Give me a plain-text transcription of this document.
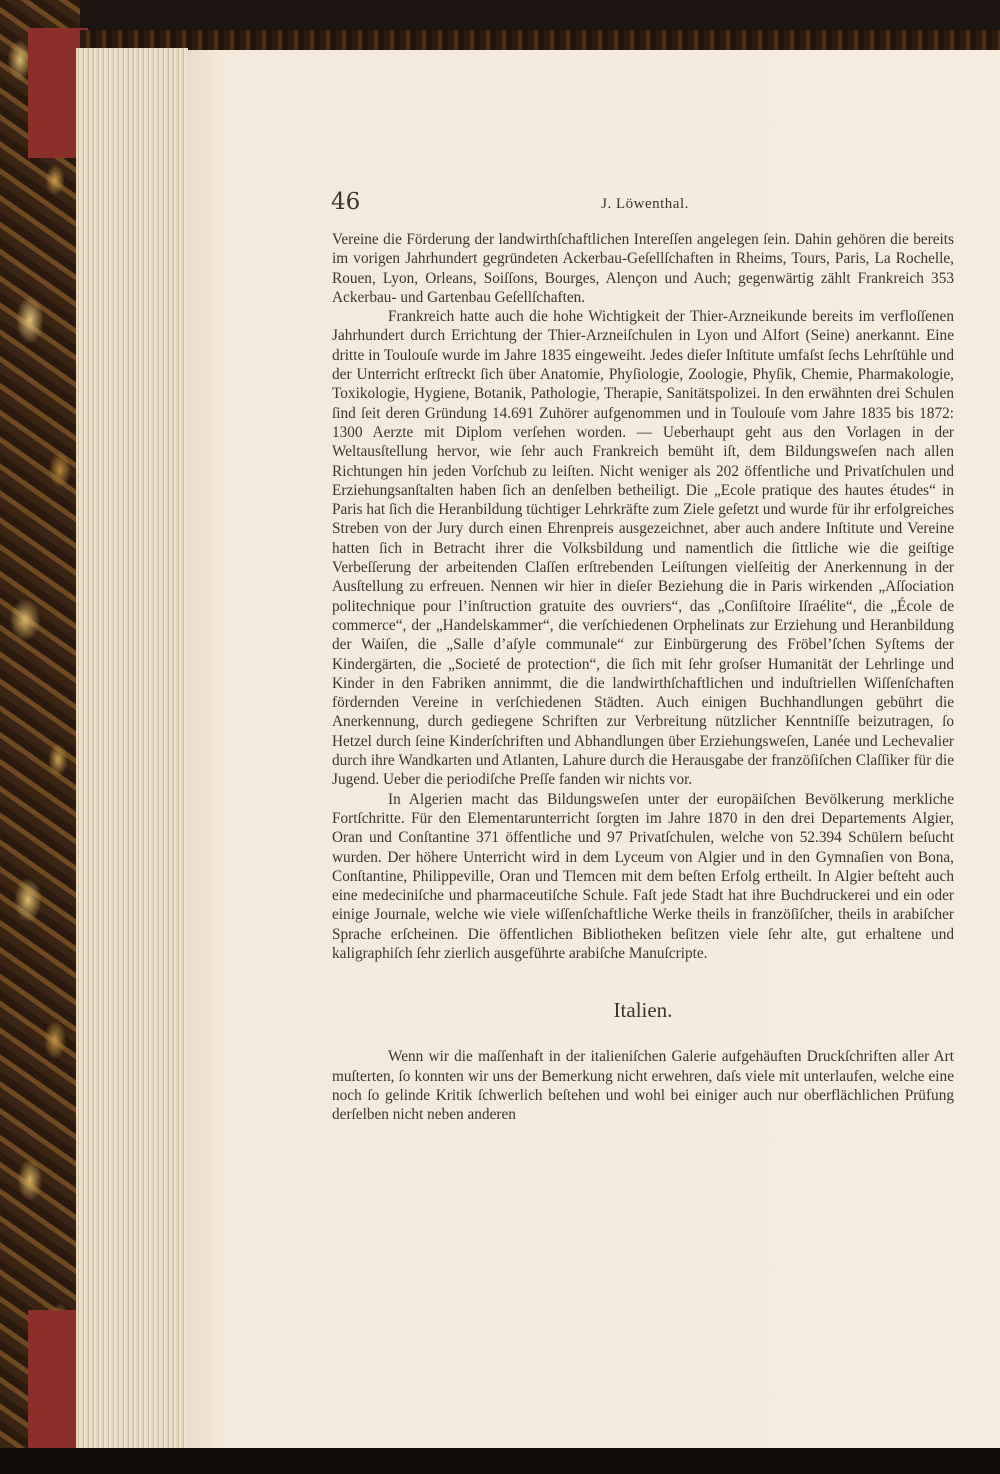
46	J. Löwenthal.

Vereine die Förderung der landwirthſchaftlichen Intereſſen angelegen ſein. Dahin gehören die bereits im vorigen Jahrhundert gegründeten Ackerbau-Geſellſchaften in Rheims, Tours, Paris, La Rochelle, Rouen, Lyon, Orleans, Soiſſons, Bourges, Alençon und Auch; gegenwärtig zählt Frankreich 353 Ackerbau- und Gartenbau Geſellſchaften.

Frankreich hatte auch die hohe Wichtigkeit der Thier-Arzneikunde bereits im verfloſſenen Jahrhundert durch Errichtung der Thier-Arzneiſchulen in Lyon und Alfort (Seine) anerkannt. Eine dritte in Toulouſe wurde im Jahre 1835 eingeweiht. Jedes dieſer Inſtitute umfaſst ſechs Lehrſtühle und der Unterricht erſtreckt ſich über Anatomie, Phyſiologie, Zoologie, Phyſik, Chemie, Pharmakologie, Toxikologie, Hygiene, Botanik, Pathologie, Therapie, Sanitätspolizei. In den erwähnten drei Schulen ſind ſeit deren Gründung 14.691 Zuhörer aufgenommen und in Toulouſe vom Jahre 1835 bis 1872: 1300 Aerzte mit Diplom verſehen worden. — Ueberhaupt geht aus den Vorlagen in der Weltausſtellung hervor, wie ſehr auch Frankreich bemüht iſt, dem Bildungsweſen nach allen Richtungen hin jeden Vorſchub zu leiſten. Nicht weniger als 202 öffentliche und Privatſchulen und Erziehungsanſtalten haben ſich an denſelben betheiligt. Die „Ecole pratique des hautes études“ in Paris hat ſich die Heranbildung tüchtiger Lehrkräfte zum Ziele geſetzt und wurde für ihr erfolgreiches Streben von der Jury durch einen Ehrenpreis ausgezeichnet, aber auch andere Inſtitute und Vereine hatten ſich in Betracht ihrer die Volksbildung und namentlich die ſittliche wie die geiſtige Verbeſſerung der arbeitenden Claſſen erſtrebenden Leiſtungen vielſeitig der Anerkennung in der Ausſtellung zu erfreuen. Nennen wir hier in dieſer Beziehung die in Paris wirkenden „Aſſociation politechnique pour l’inſtruction gratuite des ouvriers“, das „Conſiſtoire Iſraélite“, die „École de commerce“, der „Handelskammer“, die verſchiedenen Orphelinats zur Erziehung und Heranbildung der Waiſen, die „Salle d’aſyle communale“ zur Einbürgerung des Fröbel’ſchen Syſtems der Kindergärten, die „Societé de protection“, die ſich mit ſehr groſser Humanität der Lehrlinge und Kinder in den Fabriken annimmt, die die landwirthſchaftlichen und induſtriellen Wiſſenſchaften fördernden Vereine in verſchiedenen Städten. Auch einigen Buchhandlungen gebührt die Anerkennung, durch gediegene Schriften zur Verbreitung nützlicher Kenntniſſe beizutragen, ſo Hetzel durch ſeine Kinderſchriften und Abhandlungen über Erziehungsweſen, Lanée und Lechevalier durch ihre Wandkarten und Atlanten, Lahure durch die Herausgabe der franzöſiſchen Claſſiker für die Jugend. Ueber die periodiſche Preſſe fanden wir nichts vor.

In Algerien macht das Bildungsweſen unter der europäiſchen Bevölkerung merkliche Fortſchritte. Für den Elementarunterricht ſorgten im Jahre 1870 in den drei Departements Algier, Oran und Conſtantine 371 öffentliche und 97 Privatſchulen, welche von 52.394 Schülern beſucht wurden. Der höhere Unterricht wird in dem Lyceum von Algier und in den Gymnaſien von Bona, Conſtantine, Philippeville, Oran und Tlemcen mit dem beſten Erfolg ertheilt. In Algier beſteht auch eine medeciniſche und pharmaceutiſche Schule. Faſt jede Stadt hat ihre Buchdruckerei und ein oder einige Journale, welche wie viele wiſſenſchaftliche Werke theils in franzöſiſcher, theils in arabiſcher Sprache erſcheinen. Die öffentlichen Bibliotheken beſitzen viele ſehr alte, gut erhaltene und kaligraphiſch ſehr zierlich ausgeführte arabiſche Manuſcripte.

Italien.

Wenn wir die maſſenhaft in der italieniſchen Galerie aufgehäuften Druckſchriften aller Art muſterten, ſo konnten wir uns der Bemerkung nicht erwehren, daſs viele mit unterlaufen, welche eine noch ſo gelinde Kritik ſchwerlich beſtehen und wohl bei einiger auch nur oberflächlichen Prüfung derſelben nicht neben anderen
